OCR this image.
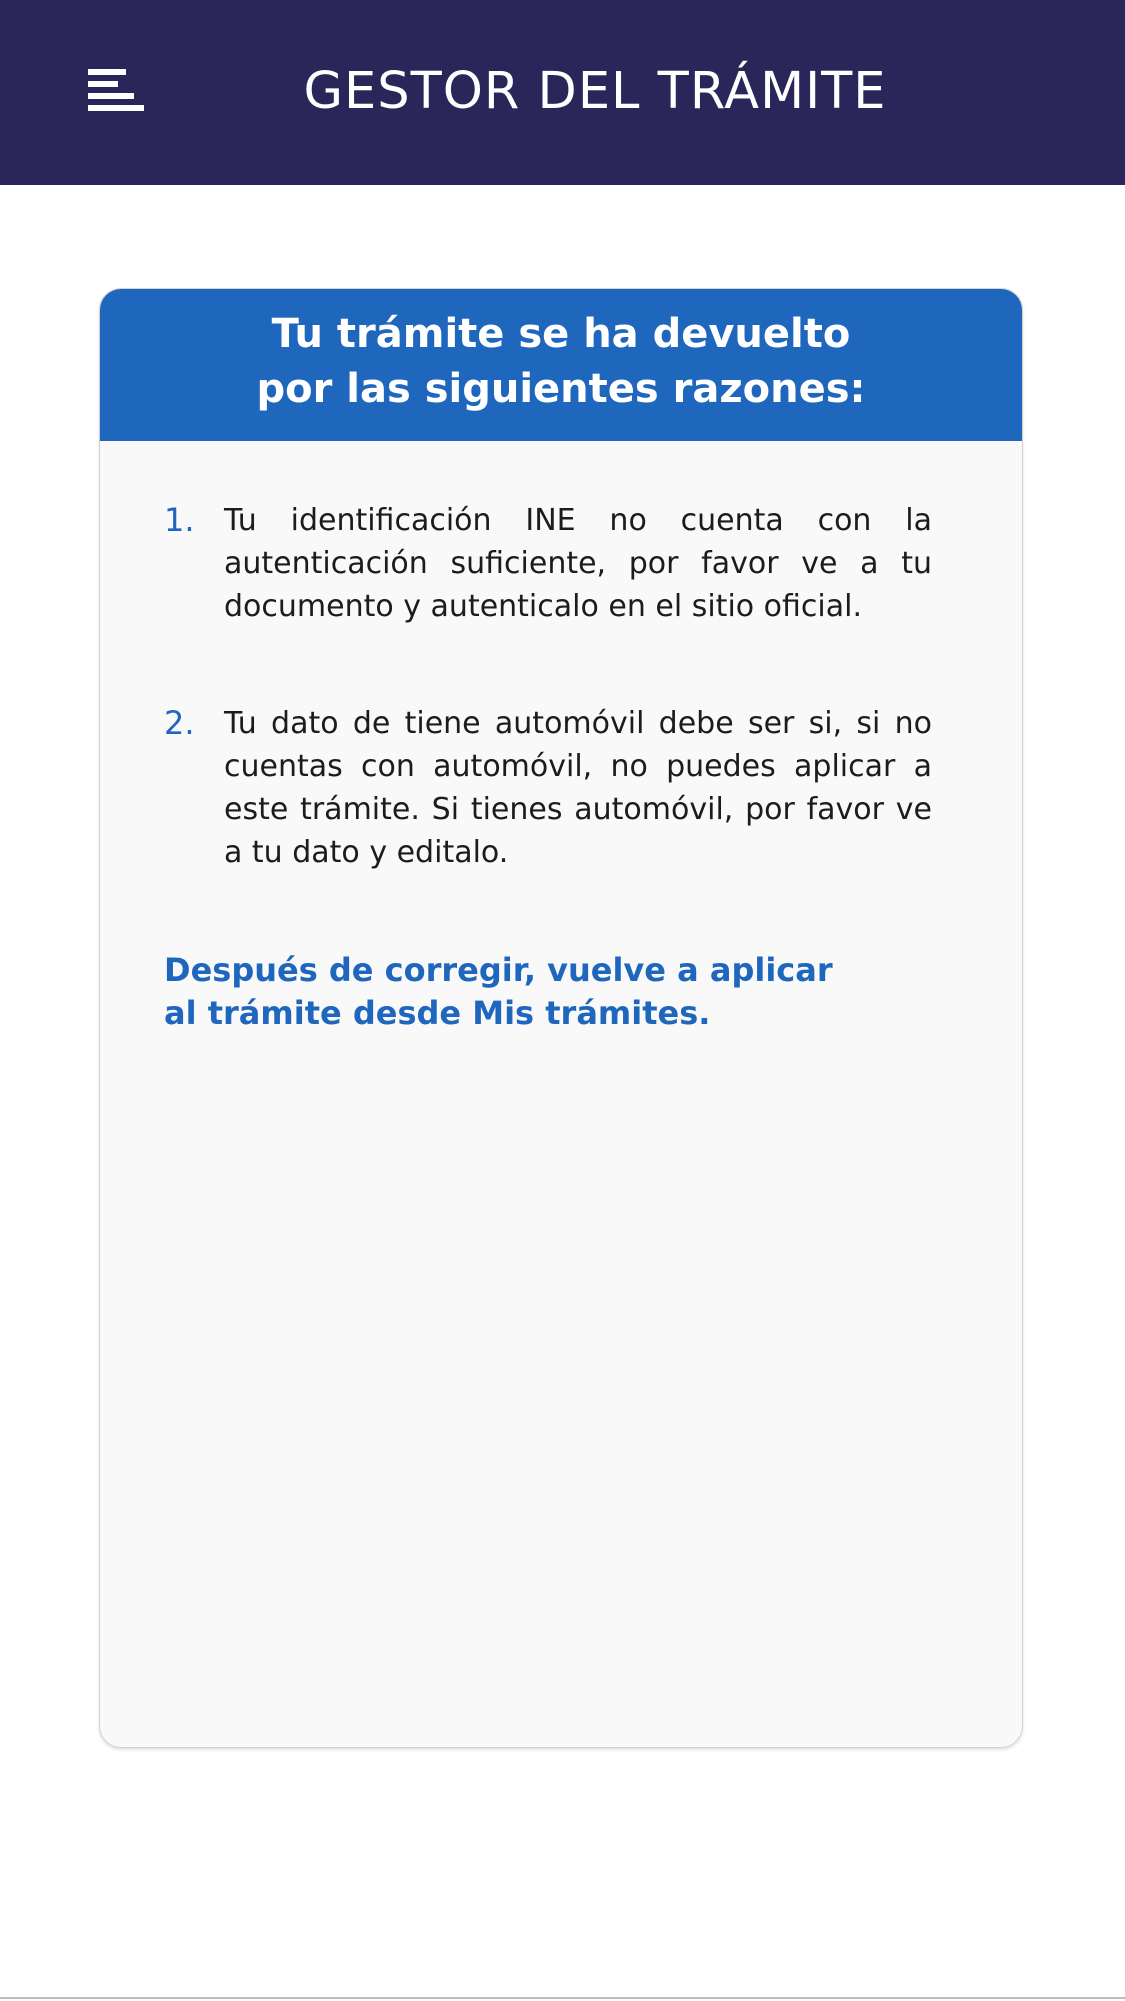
GESTOR DEL TRÁMITE
Tu trámite se ha devuelto
por las siguientes razones:
1. Tu identificación INE no cuenta con la autenticación suficiente, por favor ve a tu documento y autenticalo en el sitio oficial.
2. Tu dato de tiene automóvil debe ser si, si no cuentas con automóvil, no puedes aplicar a este trámite. Si tienes automóvil, por favor ve a tu dato y editalo.
Después de corregir, vuelve a aplicar
al trámite desde Mis trámites.
